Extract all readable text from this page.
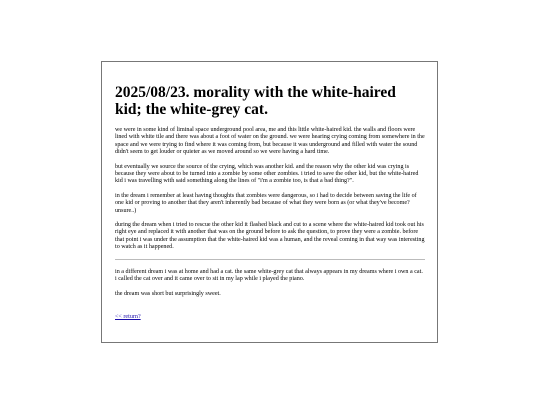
2025/08/23. morality with the white-haired kid; the white-grey cat.

we were in some kind of liminal space underground pool area, me and this little white-haired kid. the walls and floors were lined with white tile and there was about a foot of water on the ground. we were hearing crying coming from somewhere in the space and we were trying to find where it was coming from, but because it was underground and filled with water the sound didn't seem to get louder or quieter as we moved around so we were having a hard time.

but eventually we source the source of the crying, which was another kid. and the reason why the other kid was crying is because they were about to be turned into a zombie by some other zombies. i tried to save the other kid, but the white-haired kid i was travelling with said something along the lines of "i'm a zombie too, is that a bad thing?".

in the dream i remember at least having thoughts that zombies were dangerous, so i had to decide between saving the life of one kid or proving to another that they aren't inherently bad because of what they were born as (or what they've become? unsure..)

during the dream when i tried to rescue the other kid it flashed black and cut to a scene where the white-haired kid took out his right eye and replaced it with another that was on the ground before to ask the question, to prove they were a zombie. before that point i was under the assumption that the white-haired kid was a human, and the reveal coming in that way was interesting to watch as it happened.

in a different dream i was at home and had a cat. the same white-grey cat that always appears in my dreams where i own a cat. i called the cat over and it came over to sit in my lap while i played the piano.

the dream was short but surprisingly sweet.

<< return?
